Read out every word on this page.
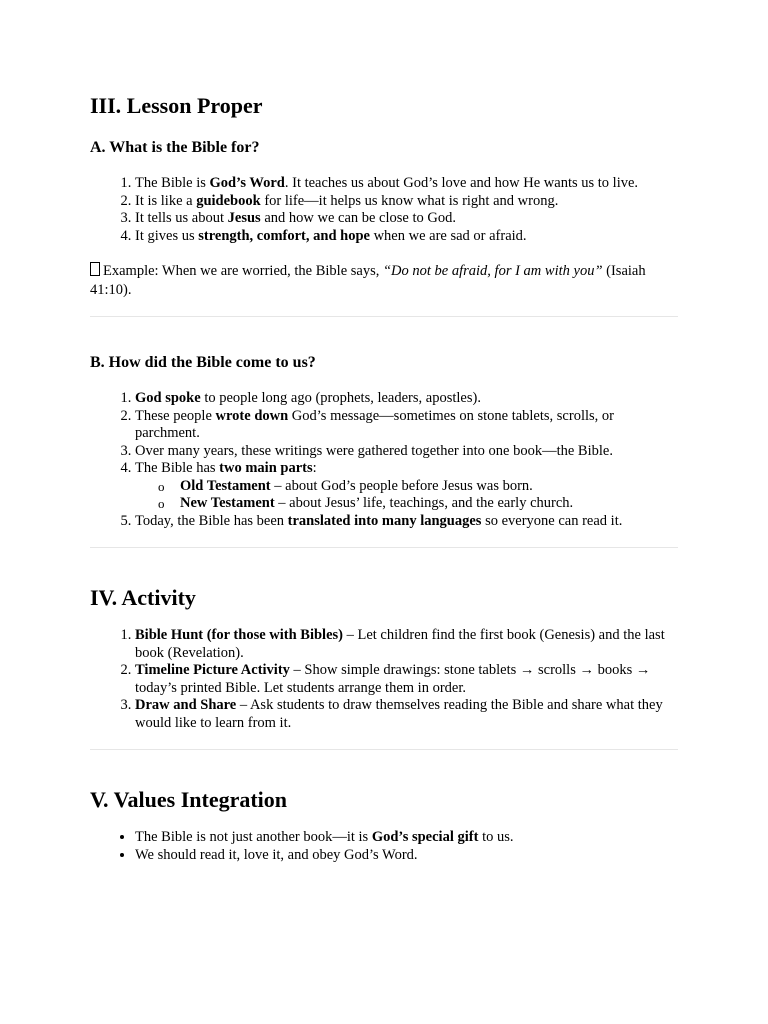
III. Lesson Proper
A. What is the Bible for?
1. The Bible is God’s Word. It teaches us about God’s love and how He wants us to live.
2. It is like a guidebook for life—it helps us know what is right and wrong.
3. It tells us about Jesus and how we can be close to God.
4. It gives us strength, comfort, and hope when we are sad or afraid.

Example: When we are worried, the Bible says, “Do not be afraid, for I am with you” (Isaiah 41:10).

B. How did the Bible come to us?
1. God spoke to people long ago (prophets, leaders, apostles).
2. These people wrote down God’s message—sometimes on stone tablets, scrolls, or parchment.
3. Over many years, these writings were gathered together into one book—the Bible.
4. The Bible has two main parts:
o Old Testament – about God’s people before Jesus was born.
o New Testament – about Jesus’ life, teachings, and the early church.
5. Today, the Bible has been translated into many languages so everyone can read it.
IV. Activity
1. Bible Hunt (for those with Bibles) – Let children find the first book (Genesis) and the last book (Revelation).
2. Timeline Picture Activity – Show simple drawings: stone tablets → scrolls → books → today’s printed Bible. Let students arrange them in order.
3. Draw and Share – Ask students to draw themselves reading the Bible and share what they would like to learn from it.
V. Values Integration
• The Bible is not just another book—it is God’s special gift to us.
• We should read it, love it, and obey God’s Word.
